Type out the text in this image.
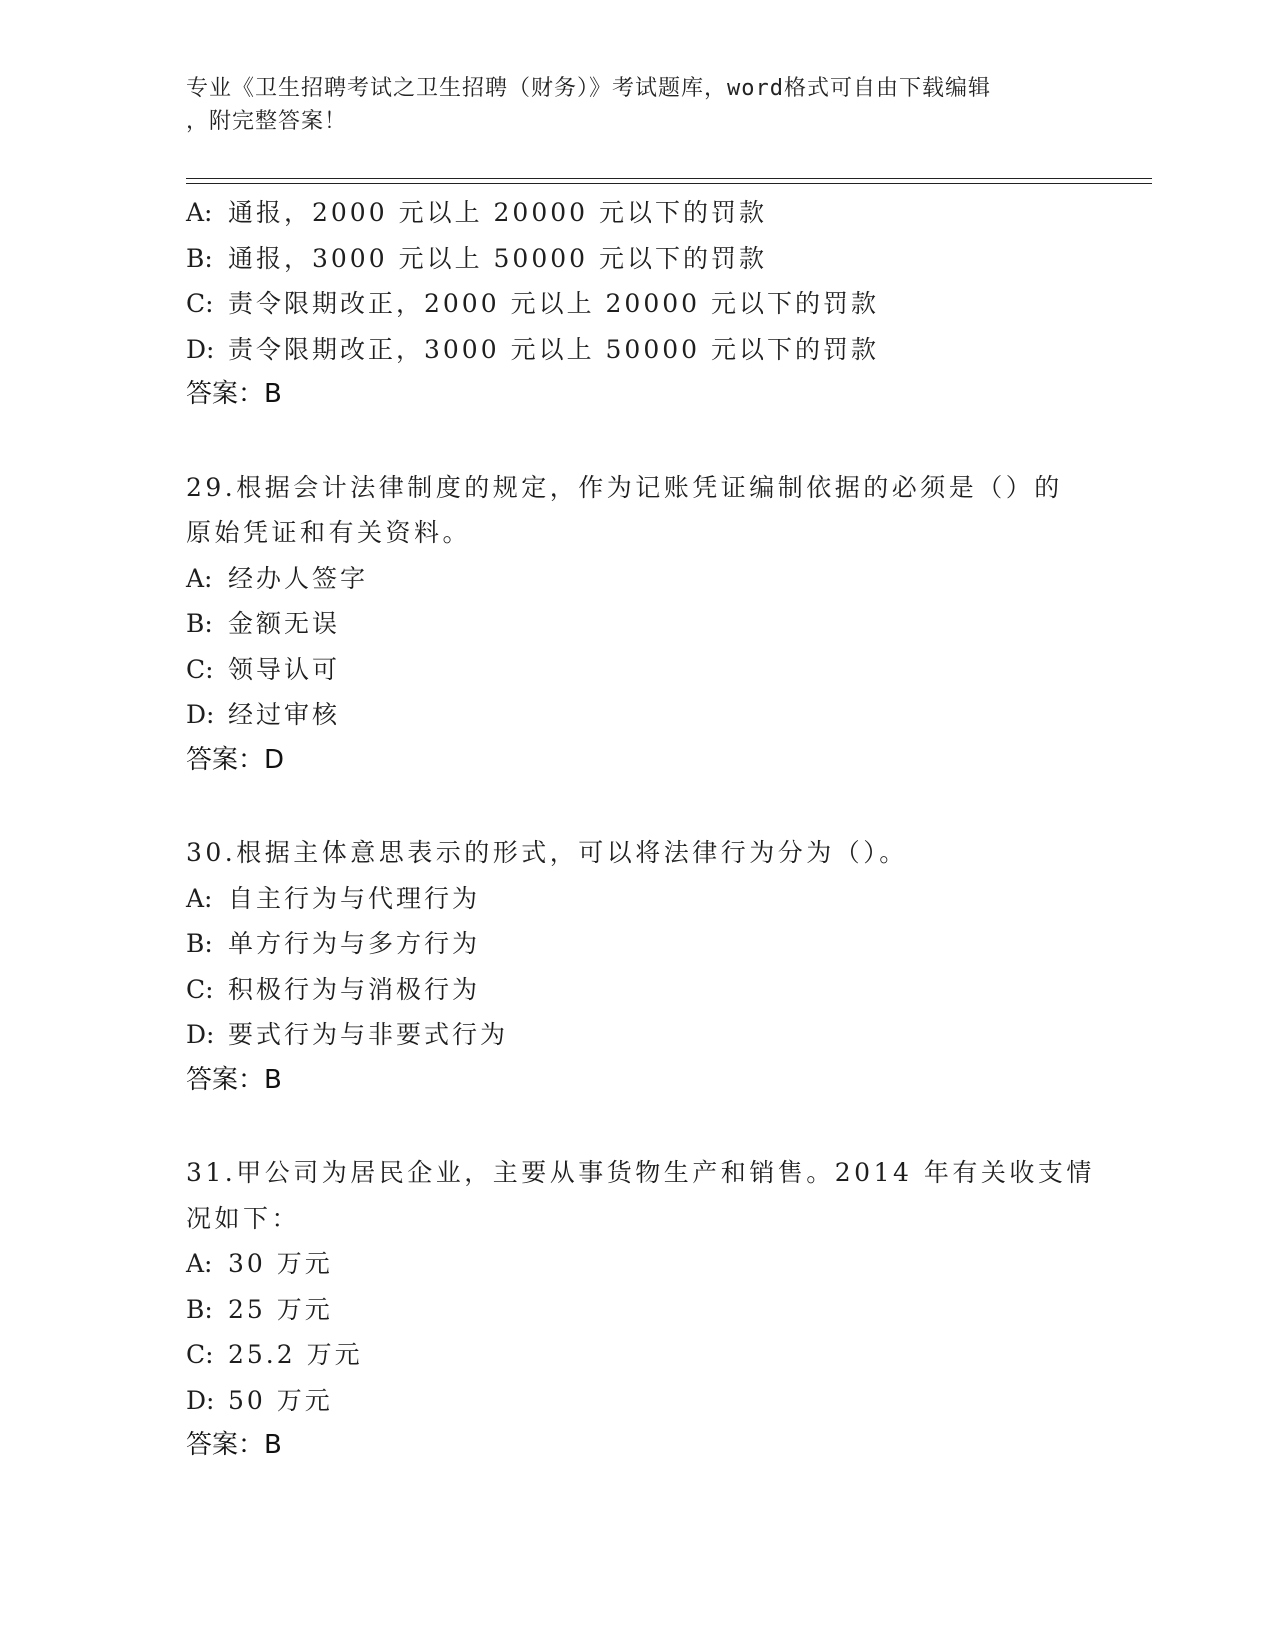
专业《卫生招聘考试之卫生招聘（财务）》考试题库，word格式可自由下载编辑

，附完整答案！

A: 通报，2000 元以上 20000 元以下的罚款
B: 通报，3000 元以上 50000 元以下的罚款
C: 责令限期改正，2000 元以上 20000 元以下的罚款
D: 责令限期改正，3000 元以上 50000 元以下的罚款
答案：B
29.根据会计法律制度的规定，作为记账凭证编制依据的必须是（）的
原始凭证和有关资料。
A: 经办人签字
B: 金额无误
C: 领导认可
D: 经过审核
答案：D
30.根据主体意思表示的形式，可以将法律行为分为（）。
A: 自主行为与代理行为
B: 单方行为与多方行为
C: 积极行为与消极行为
D: 要式行为与非要式行为
答案：B
31.甲公司为居民企业，主要从事货物生产和销售。2014 年有关收支情
况如下：
A: 30 万元
B: 25 万元
C: 25.2 万元
D: 50 万元
答案：B
